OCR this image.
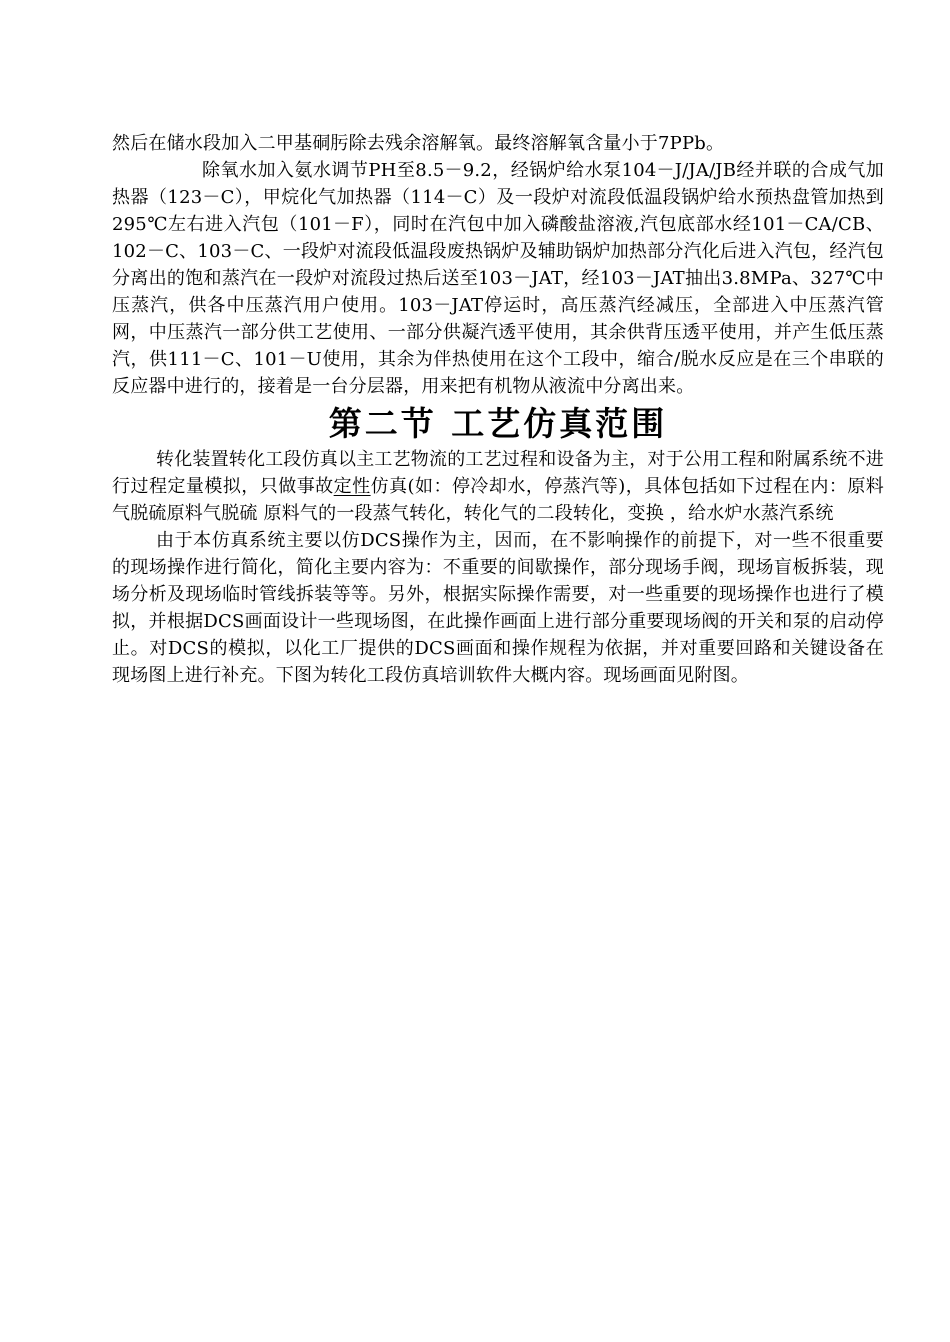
然后在储水段加入二甲基硐肟除去残余溶解氧。最终溶解氧含量小于7PPb。

除氧水加入氨水调节PH至8.5－9.2，经锅炉给水泵104－J/JA/JB经并联的合成气加热器（123－C），甲烷化气加热器（114－C）及一段炉对流段低温段锅炉给水预热盘管加热到295℃左右进入汽包（101－F），同时在汽包中加入磷酸盐溶液,汽包底部水经101－CA/CB、102－C、103－C、一段炉对流段低温段废热锅炉及辅助锅炉加热部分汽化后进入汽包，经汽包分离出的饱和蒸汽在一段炉对流段过热后送至103－JAT，经103－JAT抽出3.8MPa、327℃中压蒸汽，供各中压蒸汽用户使用。103－JAT停运时，高压蒸汽经减压，全部进入中压蒸汽管网，中压蒸汽一部分供工艺使用、一部分供凝汽透平使用，其余供背压透平使用，并产生低压蒸汽，供111－C、101－U使用，其余为伴热使用在这个工段中，缩合/脱水反应是在三个串联的反应器中进行的，接着是一台分层器，用来把有机物从液流中分离出来。

第二节 工艺仿真范围

转化装置转化工段仿真以主工艺物流的工艺过程和设备为主，对于公用工程和附属系统不进行过程定量模拟，只做事故定性仿真(如：停冷却水，停蒸汽等)，具体包括如下过程在内：原料气脱硫原料气脱硫 原料气的一段蒸气转化，转化气的二段转化，变换 ，给水炉水蒸汽系统

由于本仿真系统主要以仿DCS操作为主，因而，在不影响操作的前提下，对一些不很重要的现场操作进行简化，简化主要内容为：不重要的间歇操作，部分现场手阀，现场盲板拆装，现场分析及现场临时管线拆装等等。另外，根据实际操作需要，对一些重要的现场操作也进行了模拟，并根据DCS画面设计一些现场图，在此操作画面上进行部分重要现场阀的开关和泵的启动停止。对DCS的模拟，以化工厂提供的DCS画面和操作规程为依据，并对重要回路和关键设备在现场图上进行补充。下图为转化工段仿真培训软件大概内容。现场画面见附图。
